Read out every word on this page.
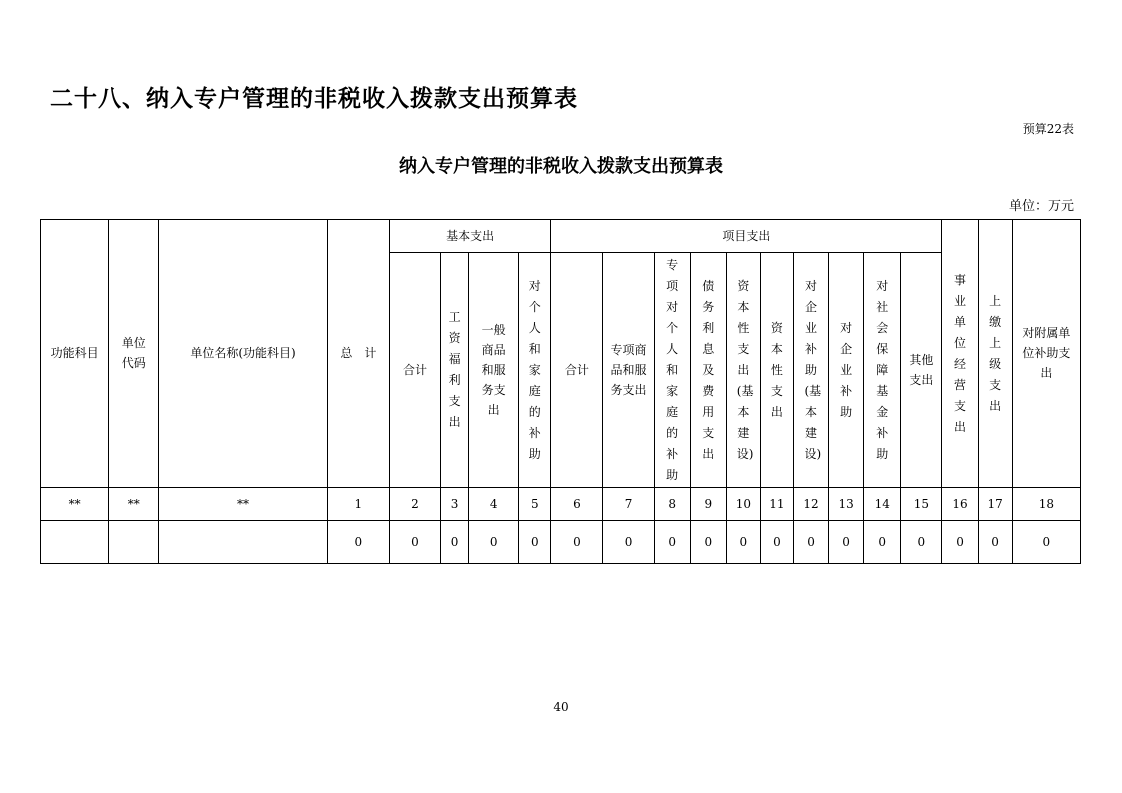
二十八、纳入专户管理的非税收入拨款支出预算表
预算22表
纳入专户管理的非税收入拨款支出预算表
单位：万元
功能科目	单位代码	单位名称(功能科目)	总　计	基本支出				项目支出										事业单位经营支出	上缴上级支出	对附属单位补助支出
				合计	工资福利支出	一般商品和服务支出	对个人和家庭的补助	合计	专项商品和服务支出	专项对个人和家庭的补助	债务利息及费用支出	资本性支出(基本建设)	资本性支出	对企业补助(基本建设)	对企业补助	对社会保障基金补助	其他支出			
**	**	**	1	2	3	4	5	6	7	8	9	10	11	12	13	14	15	16	17	18
			0	0	0	0	0	0	0	0	0	0	0	0	0	0	0	0	0	0
40
